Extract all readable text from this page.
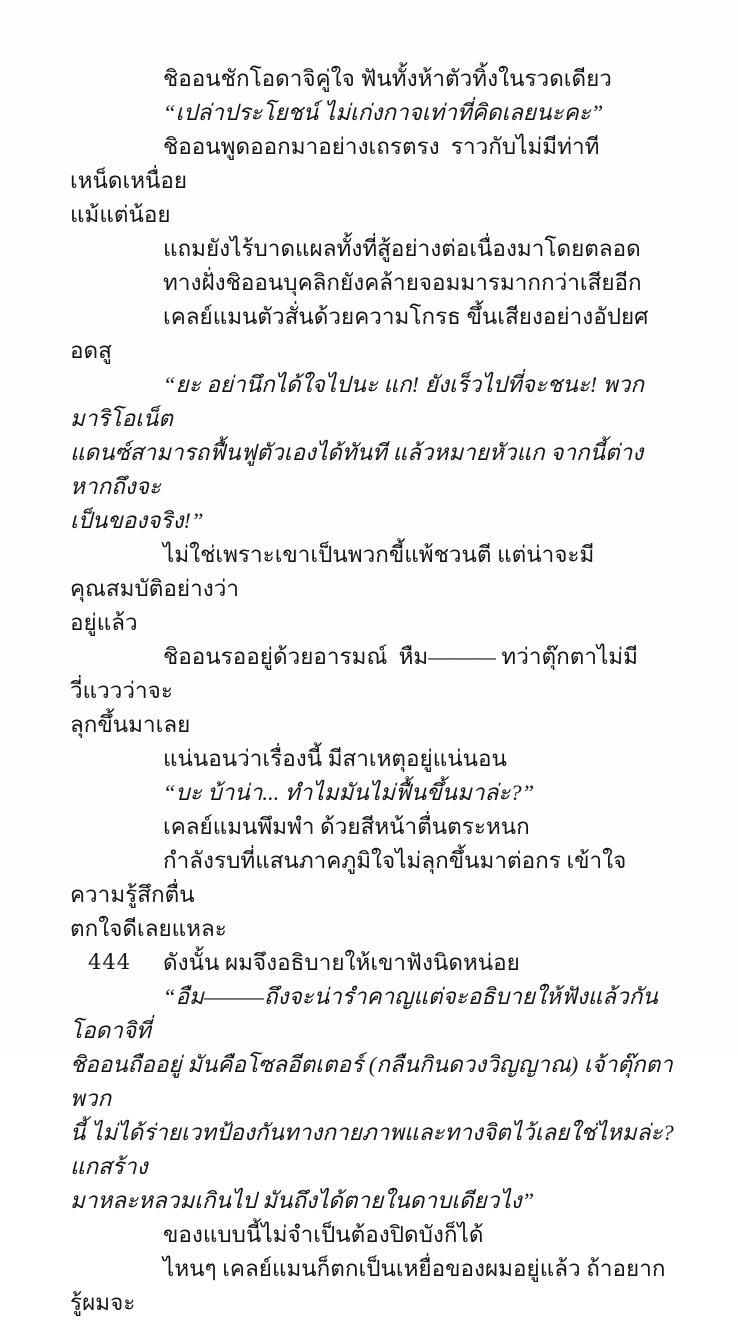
ชิออนชักโอดาจิคู่ใจ ฟันทั้งห้าตัวทิ้งในรวดเดียว
“เปล่าประโยชน์ ไม่เก่งกาจเท่าที่คิดเลยนะคะ”
ชิออนพูดออกมาอย่างเถรตรง  ราวกับไม่มีท่าทีเหน็ดเหนื่อย
แม้แต่น้อย
แถมยังไร้บาดแผลทั้งที่สู้อย่างต่อเนื่องมาโดยตลอด
ทางฝั่งชิออนบุคลิกยังคล้ายจอมมารมากกว่าเสียอีก
เคลย์แมนตัวสั่นด้วยความโกรธ ขึ้นเสียงอย่างอัปยศอดสู
“ยะ อย่านึกได้ใจไปนะ แก! ยังเร็วไปที่จะชนะ! พวกมาริโอเน็ต
แดนซ์สามารถฟื้นฟูตัวเองได้ทันที แล้วหมายหัวแก จากนี้ต่างหากถึงจะ
เป็นของจริง!”
ไม่ใช่เพราะเขาเป็นพวกขี้แพ้ชวนตี แต่น่าจะมีคุณสมบัติอย่างว่า
อยู่แล้ว
ชิออนรออยู่ด้วยอารมณ์  หืม——— ทว่าตุ๊กตาไม่มีวี่แววว่าจะ
ลุกขึ้นมาเลย
แน่นอนว่าเรื่องนี้ มีสาเหตุอยู่แน่นอน
“บะ บ้าน่า... ทำไมมันไม่ฟื้นขึ้นมาล่ะ?”
เคลย์แมนพึมพำ ด้วยสีหน้าตื่นตระหนก
กำลังรบที่แสนภาคภูมิใจไม่ลุกขึ้นมาต่อกร เข้าใจความรู้สึกตื่น
ตกใจดีเลยแหละ
ดังนั้น ผมจึงอธิบายให้เขาฟังนิดหน่อย
“อืม———ถึงจะน่ารำคาญแต่จะอธิบายให้ฟังแล้วกัน โอดาจิที่
ชิออนถืออยู่ มันคือโซลอีตเตอร์ (กลืนกินดวงวิญญาณ) เจ้าตุ๊กตาพวก
นี้ ไม่ได้ร่ายเวทป้องกันทางกายภาพและทางจิตไว้เลยใช่ไหมล่ะ? แกสร้าง
มาหละหลวมเกินไป มันถึงได้ตายในดาบเดียวไง”
ของแบบนี้ไม่จำเป็นต้องปิดบังก็ได้
ไหนๆ เคลย์แมนก็ตกเป็นเหยื่อของผมอยู่แล้ว ถ้าอยากรู้ผมจะ
444
